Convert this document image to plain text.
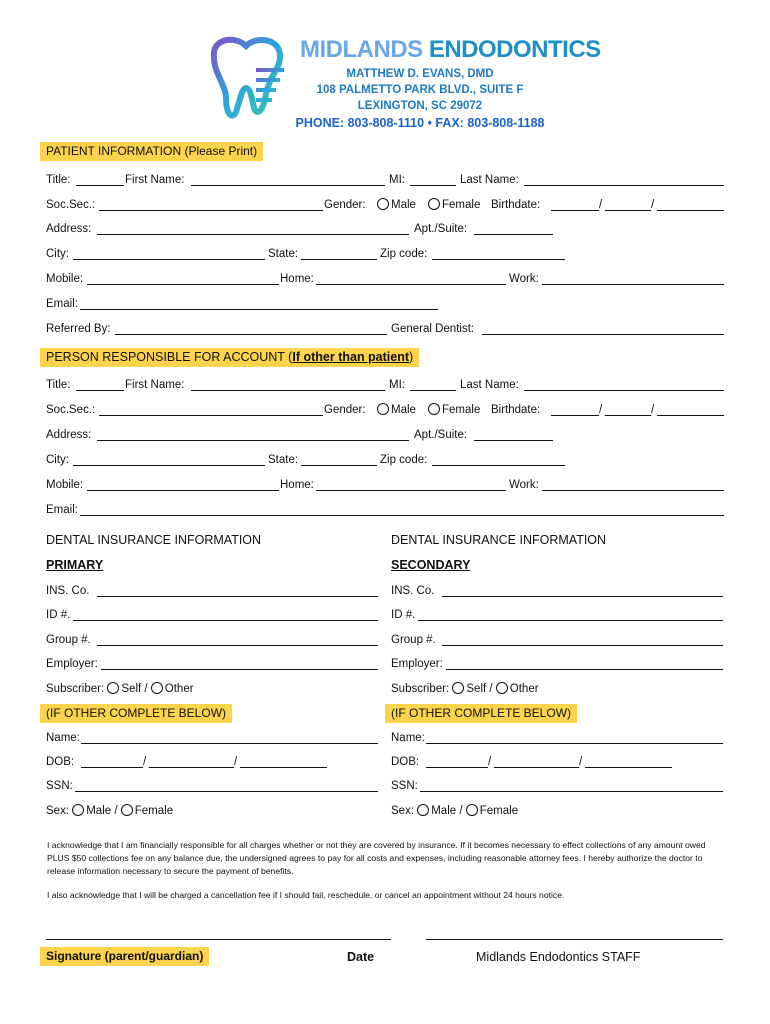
MIDLANDS ENDODONTICS
MATTHEW D. EVANS, DMD
108 PALMETTO PARK BLVD., SUITE F
LEXINGTON, SC 29072
PHONE: 803-808-1110 • FAX: 803-808-1188
PATIENT INFORMATION (Please Print)
Title:	First Name:	MI:	Last Name:
Soc.Sec.:	Gender:	Male	Female Birthdate:	/	/
Address:	Apt./Suite:
City:	State:	Zip code:
Mobile:	Home:	Work:
Email:
Referred By:	General Dentist:
PERSON RESPONSIBLE FOR ACCOUNT (If other than patient)
Title:	First Name:	MI:	Last Name:
Soc.Sec.:	Gender:	Male	Female Birthdate:	/	/
Address:	Apt./Suite:
City:	State:	Zip code:
Mobile:	Home:	Work:
Email:
DENTAL INSURANCE INFORMATION
PRIMARY
INS. Co.
ID #.
Group #.
Employer:
Subscriber: Self / Other
(IF OTHER COMPLETE BELOW)
Name:
DOB:	/	/
SSN:
Sex: Male / Female
DENTAL INSURANCE INFORMATION
SECONDARY
INS. Co.
ID #.
Group #.
Employer:
Subscriber: Self / Other
(IF OTHER COMPLETE BELOW)
Name:
DOB:	/	/
SSN:
Sex: Male / Female
I acknowledge that I am financially responsible for all charges whether or not they are covered by insurance. If it becomes necessary to effect collections of any amount owed PLUS $50 collections fee on any balance due, the undersigned agrees to pay for all costs and expenses, including reasonable attorney fees. I hereby authorize the doctor to release information necessary to secure the payment of benefits.
I also acknowledge that I will be charged a cancellation fee if I should fail, reschedule, or cancel an appointment without 24 hours notice.
Signature (parent/guardian)	Date	Midlands Endodontics STAFF
